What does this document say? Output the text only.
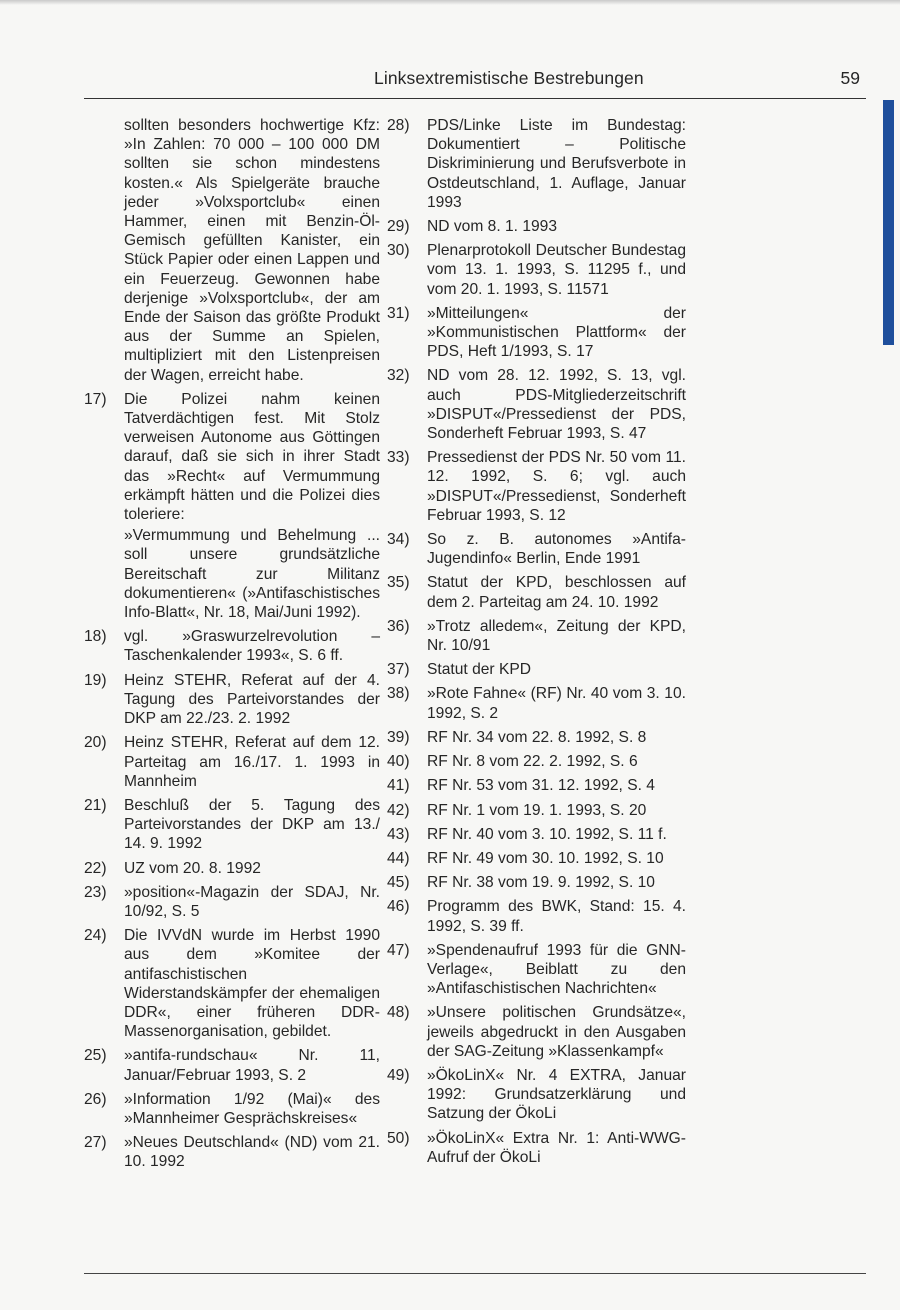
Linksextremistische Bestrebungen	59
sollten besonders hochwertige Kfz: »In Zahlen: 70 000 – 100 000 DM sollten sie schon mindestens kosten.« Als Spielgeräte brauche jeder »Volxsportclub« einen Hammer, einen mit Benzin-Öl-Gemisch gefüllten Kanister, ein Stück Papier oder einen Lappen und ein Feuerzeug. Gewonnen habe derjenige »Volxsportclub«, der am Ende der Saison das größte Produkt aus der Summe an Spielen, multipliziert mit den Listenpreisen der Wagen, erreicht habe.
17)	Die Polizei nahm keinen Tatverdächtigen fest. Mit Stolz verweisen Autonome aus Göttingen darauf, daß sie sich in ihrer Stadt das »Recht« auf Vermummung erkämpft hätten und die Polizei dies toleriere:
»Vermummung und Behelmung ... soll unsere grundsätzliche Bereitschaft zur Militanz dokumentieren« (»Antifaschistisches Info-Blatt«, Nr. 18, Mai/Juni 1992).
18)	vgl. »Graswurzelrevolution – Taschenkalender 1993«, S. 6 ff.
19)	Heinz STEHR, Referat auf der 4. Tagung des Parteivorstandes der DKP am 22./23. 2. 1992
20)	Heinz STEHR, Referat auf dem 12. Parteitag am 16./17. 1. 1993 in Mannheim
21)	Beschluß der 5. Tagung des Parteivorstandes der DKP am 13./ 14. 9. 1992
22)	UZ vom 20. 8. 1992
23)	»position«-Magazin der SDAJ, Nr. 10/92, S. 5
24)	Die IVVdN wurde im Herbst 1990 aus dem »Komitee der antifaschistischen Widerstandskämpfer der ehemaligen DDR«, einer früheren DDR-Massenorganisation, gebildet.
25)	»antifa-rundschau« Nr. 11, Januar/Februar 1993, S. 2
26)	»Information 1/92 (Mai)« des »Mannheimer Gesprächskreises«
27)	»Neues Deutschland« (ND) vom 21. 10. 1992
28)	PDS/Linke Liste im Bundestag: Dokumentiert – Politische Diskriminierung und Berufsverbote in Ostdeutschland, 1. Auflage, Januar 1993
29)	ND vom 8. 1. 1993
30)	Plenarprotokoll Deutscher Bundestag vom 13. 1. 1993, S. 11295 f., und vom 20. 1. 1993, S. 11571
31)	»Mitteilungen« der »Kommunistischen Plattform« der PDS, Heft 1/1993, S. 17
32)	ND vom 28. 12. 1992, S. 13, vgl. auch PDS-Mitgliederzeitschrift »DISPUT«/Pressedienst der PDS, Sonderheft Februar 1993, S. 47
33)	Pressedienst der PDS Nr. 50 vom 11. 12. 1992, S. 6; vgl. auch »DISPUT«/Pressedienst, Sonderheft Februar 1993, S. 12
34)	So z. B. autonomes »Antifa-Jugendinfo« Berlin, Ende 1991
35)	Statut der KPD, beschlossen auf dem 2. Parteitag am 24. 10. 1992
36)	»Trotz alledem«, Zeitung der KPD, Nr. 10/91
37)	Statut der KPD
38)	»Rote Fahne« (RF) Nr. 40 vom 3. 10. 1992, S. 2
39)	RF Nr. 34 vom 22. 8. 1992, S. 8
40)	RF Nr. 8 vom 22. 2. 1992, S. 6
41)	RF Nr. 53 vom 31. 12. 1992, S. 4
42)	RF Nr. 1 vom 19. 1. 1993, S. 20
43)	RF Nr. 40 vom 3. 10. 1992, S. 11 f.
44)	RF Nr. 49 vom 30. 10. 1992, S. 10
45)	RF Nr. 38 vom 19. 9. 1992, S. 10
46)	Programm des BWK, Stand: 15. 4. 1992, S. 39 ff.
47)	»Spendenaufruf 1993 für die GNN-Verlage«, Beiblatt zu den »Antifaschistischen Nachrichten«
48)	»Unsere politischen Grundsätze«, jeweils abgedruckt in den Ausgaben der SAG-Zeitung »Klassenkampf«
49)	»ÖkoLinX« Nr. 4 EXTRA, Januar 1992: Grundsatzerklärung und Satzung der ÖkoLi
50)	»ÖkoLinX« Extra Nr. 1: Anti-WWG-Aufruf der ÖkoLi
